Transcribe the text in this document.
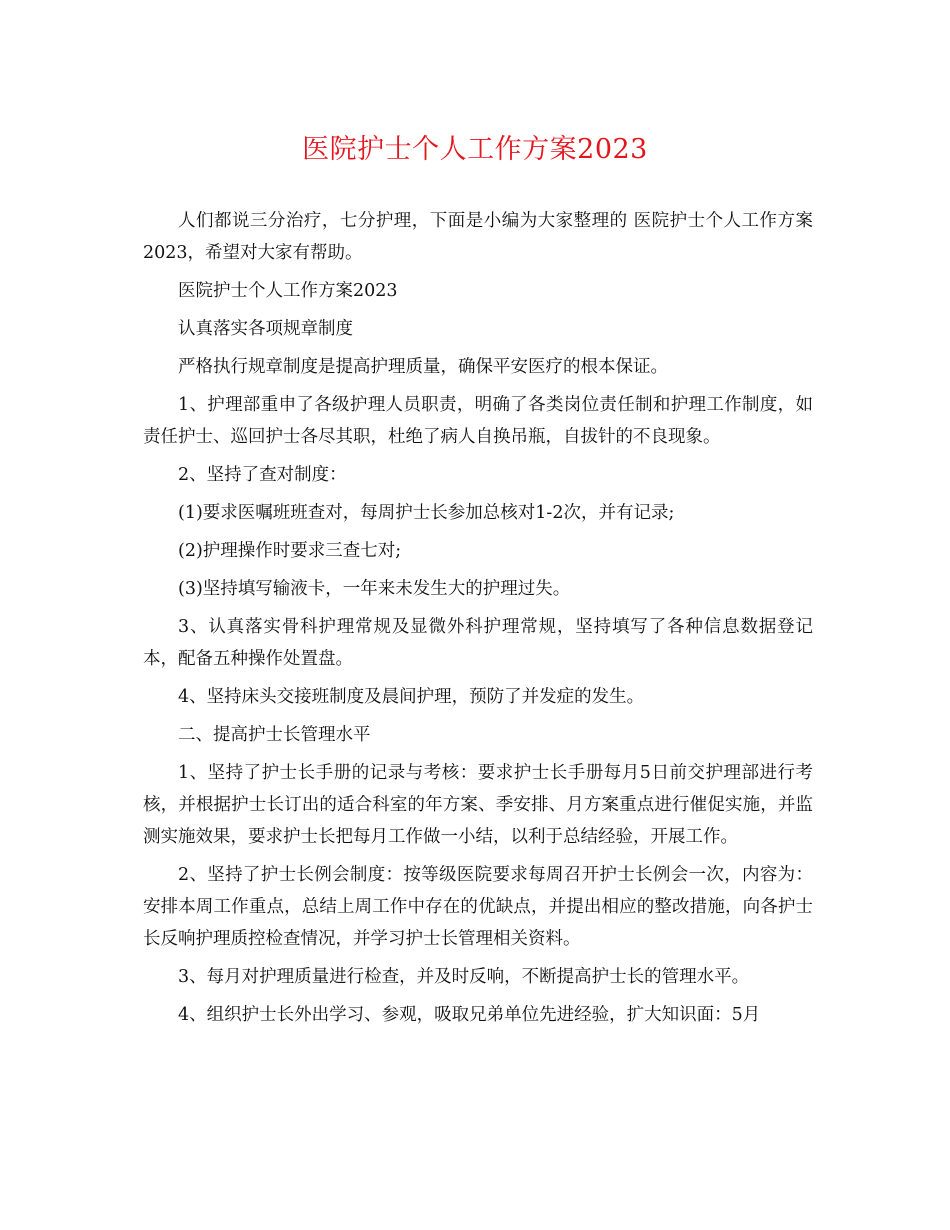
医院护士个人工作方案2023

人们都说三分治疗，七分护理，下面是小编为大家整理的 医院护士个人工作方案2023，希望对大家有帮助。

医院护士个人工作方案2023

认真落实各项规章制度

严格执行规章制度是提高护理质量，确保平安医疗的根本保证。

1、护理部重申了各级护理人员职责，明确了各类岗位责任制和护理工作制度，如责任护士、巡回护士各尽其职，杜绝了病人自换吊瓶，自拔针的不良现象。

2、坚持了查对制度：

(1)要求医嘱班班查对，每周护士长参加总核对1-2次，并有记录;

(2)护理操作时要求三查七对;

(3)坚持填写输液卡，一年来未发生大的护理过失。

3、认真落实骨科护理常规及显微外科护理常规，坚持填写了各种信息数据登记本，配备五种操作处置盘。

4、坚持床头交接班制度及晨间护理，预防了并发症的发生。

二、提高护士长管理水平

1、坚持了护士长手册的记录与考核：要求护士长手册每月5日前交护理部进行考核，并根据护士长订出的适合科室的年方案、季安排、月方案重点进行催促实施，并监测实施效果，要求护士长把每月工作做一小结，以利于总结经验，开展工作。

2、坚持了护士长例会制度：按等级医院要求每周召开护士长例会一次，内容为：安排本周工作重点，总结上周工作中存在的优缺点，并提出相应的整改措施，向各护士长反响护理质控检查情况，并学习护士长管理相关资料。

3、每月对护理质量进行检查，并及时反响，不断提高护士长的管理水平。

4、组织护士长外出学习、参观，吸取兄弟单位先进经验，扩大知识面：5月
